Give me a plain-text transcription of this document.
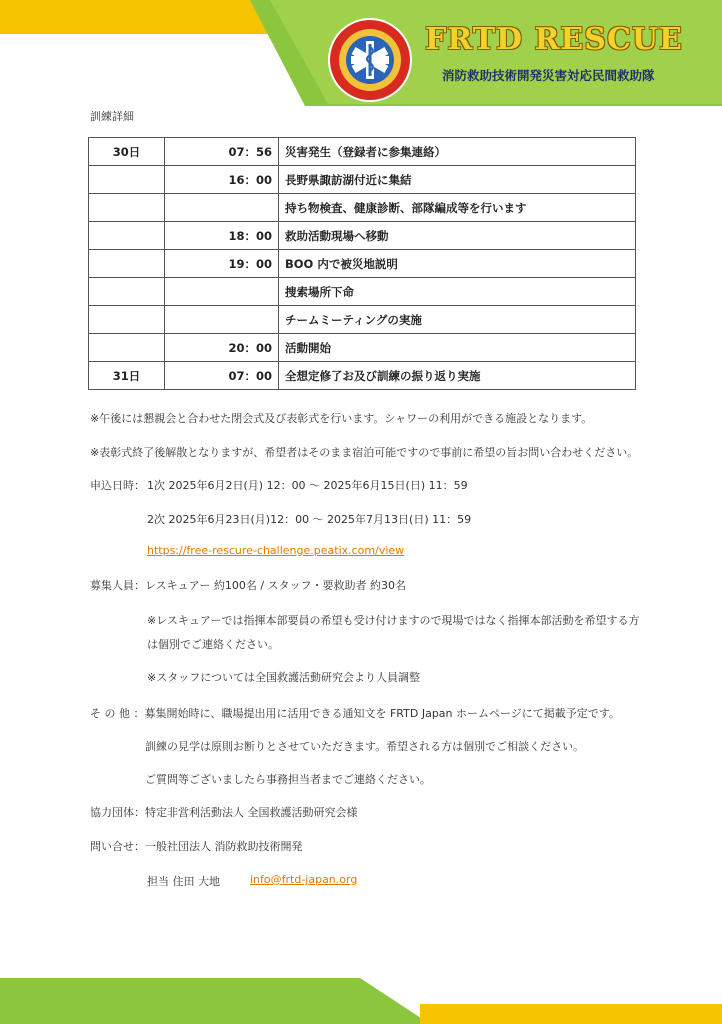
FRTD RESCUE
消防救助技術開発災害対応民間救助隊
訓練詳細
30日	07：56	災害発生（登録者に参集連絡）
	16：00	長野県諏訪湖付近に集結
		持ち物検査、健康診断、部隊編成等を行います
	18：00	救助活動現場へ移動
	19：00	BOO 内で被災地説明
		捜索場所下命
		チームミーティングの実施
	20：00	活動開始
31日	07：00	全想定修了お及び訓練の振り返り実施
※午後には懇親会と合わせた閉会式及び表彰式を行います。シャワーの利用ができる施設となります。
※表彰式終了後解散となりますが、希望者はそのまま宿泊可能ですので事前に希望の旨お問い合わせください。
申込日時： 1次 2025年6月2日(月) 12：00 ～ 2025年6月15日(日) 11：59
2次 2025年6月23日(月)12：00 ～ 2025年7月13日(日) 11：59
https://free-rescure-challenge.peatix.com/view
募集人員：レスキュアー 約100名 / スタッフ・要救助者 約30名
※レスキュアーでは指揮本部要員の希望も受け付けますので現場ではなく指揮本部活動を希望する方
は個別でご連絡ください。
※スタッフについては全国救護活動研究会より人員調整
そ の 他 ：募集開始時に、職場提出用に活用できる通知文を FRTD Japan ホームページにて掲載予定です。
訓練の見学は原則お断りとさせていただきます。希望される方は個別でご相談ください。
ご質問等ございましたら事務担当者までご連絡ください。
協力団体：特定非営利活動法人 全国救護活動研究会様
問い合せ：一般社団法人 消防救助技術開発
担当 住田 大地	info@frtd-japan.org
